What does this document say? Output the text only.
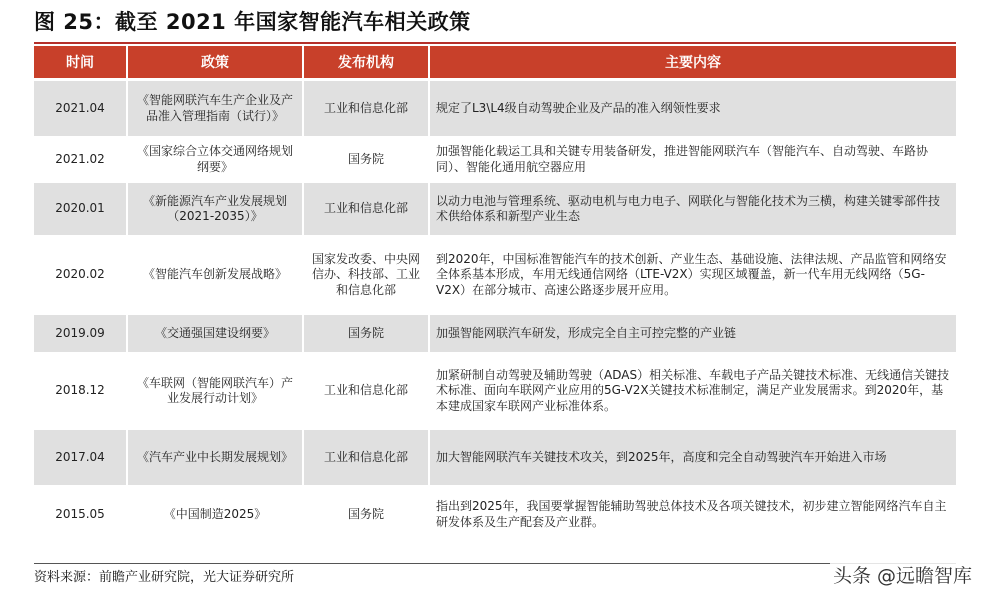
图 25：截至 2021 年国家智能汽车相关政策
时间	政策	发布机构	主要内容
2021.04	《智能网联汽车生产企业及产品准入管理指南（试行）》	工业和信息化部	规定了L3\L4级自动驾驶企业及产品的准入纲领性要求
2021.02	《国家综合立体交通网络规划纲要》	国务院	加强智能化载运工具和关键专用装备研发，推进智能网联汽车（智能汽车、自动驾驶、车路协同）、智能化通用航空器应用
2020.01	《新能源汽车产业发展规划（2021-2035）》	工业和信息化部	以动力电池与管理系统、驱动电机与电力电子、网联化与智能化技术为三横，构建关键零部件技术供给体系和新型产业生态
2020.02	《智能汽车创新发展战略》	国家发改委、中央网信办、科技部、工业和信息化部	到2020年，中国标准智能汽车的技术创新、产业生态、基础设施、法律法规、产品监管和网络安全体系基本形成，车用无线通信网络（LTE-V2X）实现区域覆盖，新一代车用无线网络（5G-V2X）在部分城市、高速公路逐步展开应用。
2019.09	《交通强国建设纲要》	国务院	加强智能网联汽车研发，形成完全自主可控完整的产业链
2018.12	《车联网（智能网联汽车）产业发展行动计划》	工业和信息化部	加紧研制自动驾驶及辅助驾驶（ADAS）相关标准、车载电子产品关键技术标准、无线通信关键技术标准、面向车联网产业应用的5G-V2X关键技术标准制定，满足产业发展需求。到2020年，基本建成国家车联网产业标准体系。
2017.04	《汽车产业中长期发展规划》	工业和信息化部	加大智能网联汽车关键技术攻关，到2025年，高度和完全自动驾驶汽车开始进入市场
2015.05	《中国制造2025》	国务院	指出到2025年，我国要掌握智能辅助驾驶总体技术及各项关键技术，初步建立智能网络汽车自主研发体系及生产配套及产业群。
资料来源：前瞻产业研究院，光大证券研究所	头条 @远瞻智库
